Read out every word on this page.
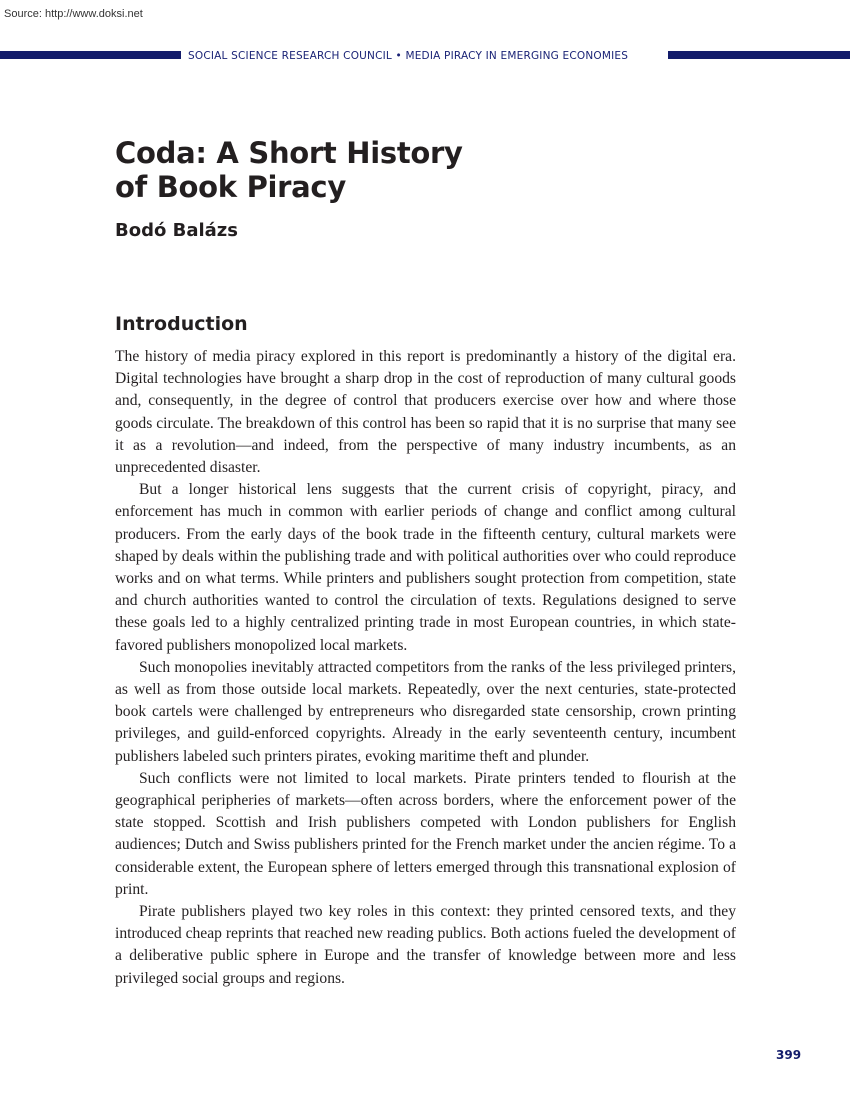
Source: http://www.doksi.net
SOCIAL SCIENCE RESEARCH COUNCIL • MEDIA PIRACY IN EMERGING ECONOMIES
Coda: A Short History
of Book Piracy
Bodó Balázs
Introduction

The history of media piracy explored in this report is predominantly a history of the digital era. Digital technologies have brought a sharp drop in the cost of reproduction of many cultural goods and, consequently, in the degree of control that producers exercise over how and where those goods circulate. The breakdown of this control has been so rapid that it is no surprise that many see it as a revolution—and indeed, from the perspective of many industry incumbents, as an unprecedented disaster.

But a longer historical lens suggests that the current crisis of copyright, piracy, and enforcement has much in common with earlier periods of change and conflict among cultural producers. From the early days of the book trade in the fifteenth century, cultural markets were shaped by deals within the publishing trade and with political authorities over who could reproduce works and on what terms. While printers and publishers sought protection from competition, state and church authorities wanted to control the circulation of texts. Regulations designed to serve these goals led to a highly centralized printing trade in most European countries, in which state-favored publishers monopolized local markets.

Such monopolies inevitably attracted competitors from the ranks of the less privileged printers, as well as from those outside local markets. Repeatedly, over the next centuries, state-protected book cartels were challenged by entrepreneurs who disregarded state censorship, crown printing privileges, and guild-enforced copyrights. Already in the early seventeenth century, incumbent publishers labeled such printers pirates, evoking maritime theft and plunder.

Such conflicts were not limited to local markets. Pirate printers tended to flourish at the geographical peripheries of markets—often across borders, where the enforcement power of the state stopped. Scottish and Irish publishers competed with London publishers for English audiences; Dutch and Swiss publishers printed for the French market under the ancien régime. To a considerable extent, the European sphere of letters emerged through this transnational explosion of print.

Pirate publishers played two key roles in this context: they printed censored texts, and they introduced cheap reprints that reached new reading publics. Both actions fueled the development of a deliberative public sphere in Europe and the transfer of knowledge between more and less privileged social groups and regions.

399
